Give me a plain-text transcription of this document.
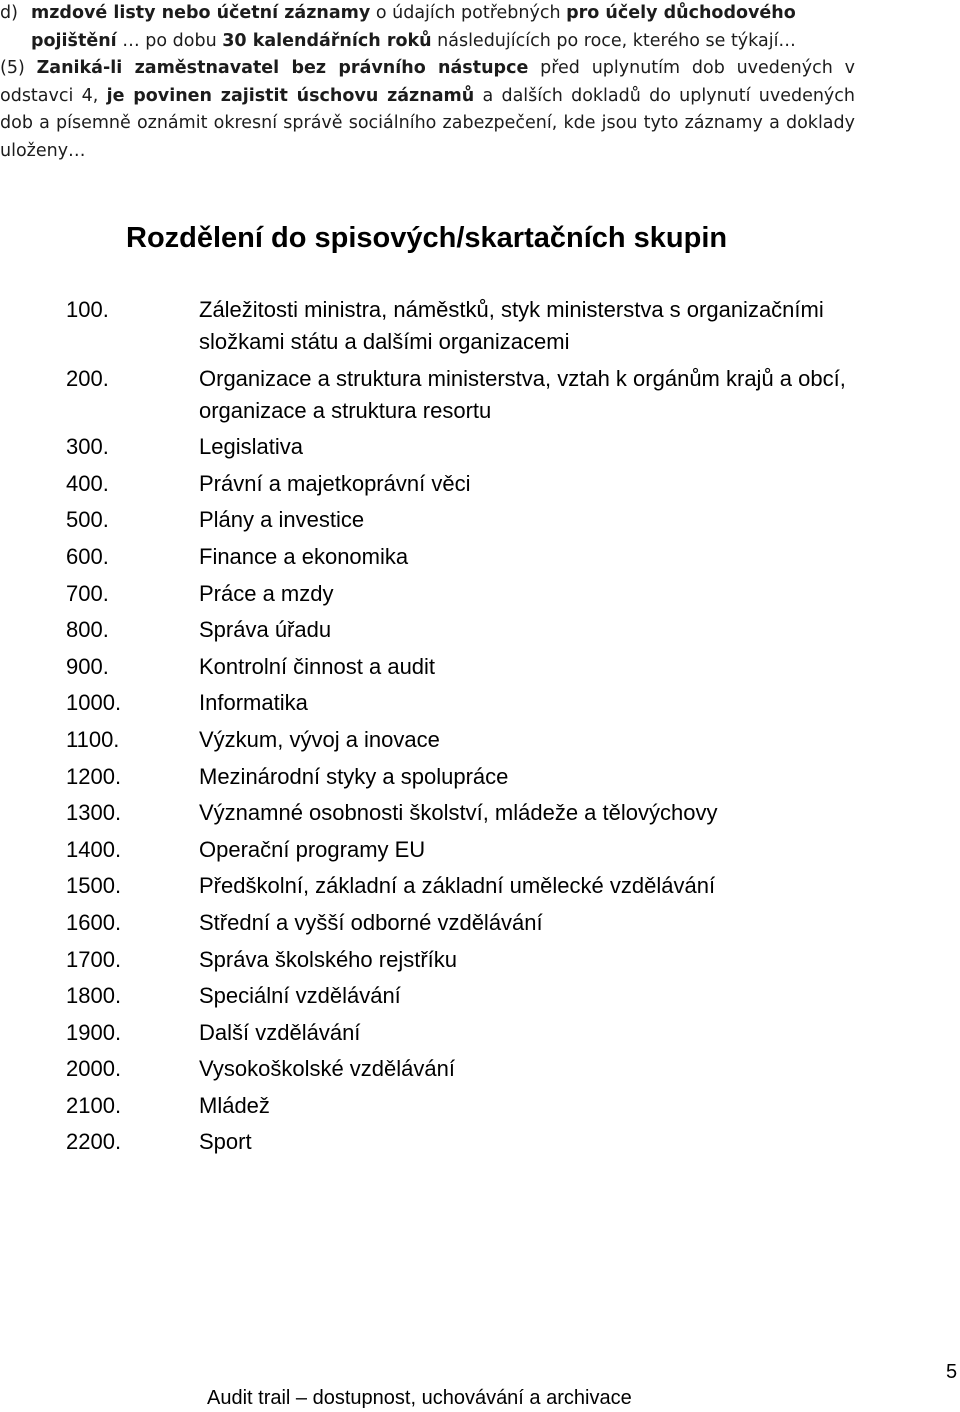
d) mzdové listy nebo účetní záznamy o údajích potřebných pro účely důchodového pojištění … po dobu 30 kalendářních roků následujících po roce, kterého se týkají…

(5) Zaniká-li zaměstnavatel bez právního nástupce před uplynutím dob uvedených v odstavci 4, je povinen zajistit úschovu záznamů a dalších dokladů do uplynutí uvedených dob a písemně oznámit okresní správě sociálního zabezpečení, kde jsou tyto záznamy a doklady uloženy…

Rozdělení do spisových/skartačních skupin
100.	Záležitosti ministra, náměstků, styk ministerstva s organizačními složkami státu a dalšími organizacemi
200.	Organizace a struktura ministerstva, vztah k orgánům krajů a obcí, organizace a struktura resortu
300.	Legislativa
400.	Právní a majetkoprávní věci
500.	Plány a investice
600.	Finance a ekonomika
700.	Práce a mzdy
800.	Správa úřadu
900.	Kontrolní činnost a audit
1000.	Informatika
1100.	Výzkum, vývoj a inovace
1200.	Mezinárodní styky a spolupráce
1300.	Významné osobnosti školství, mládeže a tělovýchovy
1400.	Operační programy EU
1500.	Předškolní, základní a základní umělecké vzdělávání
1600.	Střední a vyšší odborné vzdělávání
1700.	Správa školského rejstříku
1800.	Speciální vzdělávání
1900.	Další vzdělávání
2000.	Vysokoškolské vzdělávání
2100.	Mládež
2200.	Sport
Audit trail – dostupnost, uchovávání a archivace
5
